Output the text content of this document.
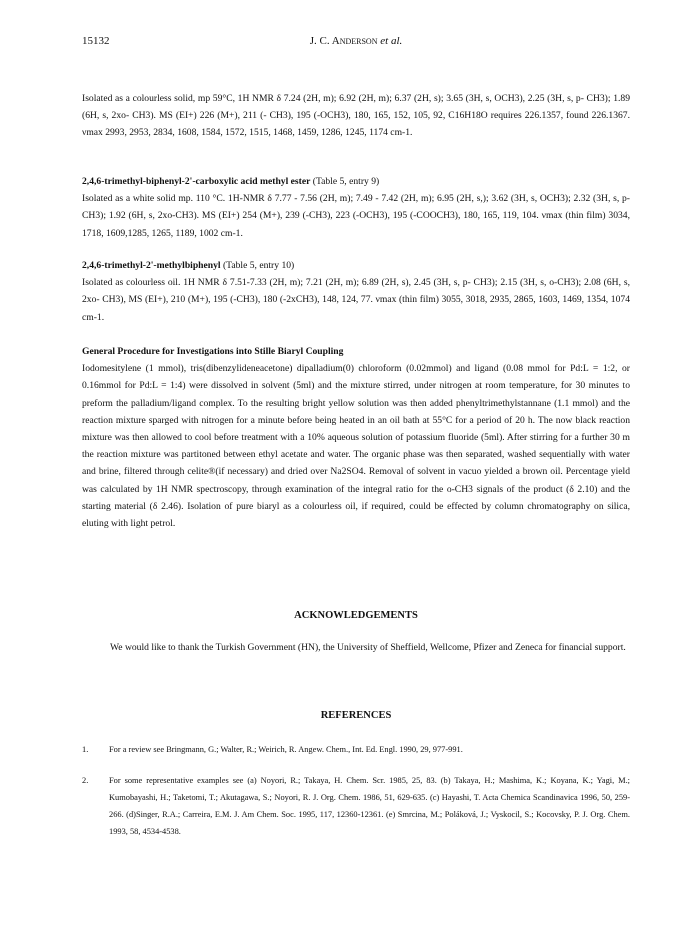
15132	J. C. Anderson et al.

Isolated as a colourless solid, mp 59°C, 1H NMR δ 7.24 (2H, m); 6.92 (2H, m); 6.37 (2H, s); 3.65 (3H, s, OCH3), 2.25 (3H, s, p- CH3); 1.89 (6H, s, 2xo- CH3). MS (EI+) 226 (M+), 211 (- CH3), 195 (-OCH3), 180, 165, 152, 105, 92, C16H18O requires 226.1357, found 226.1367. νmax 2993, 2953, 2834, 1608, 1584, 1572, 1515, 1468, 1459, 1286, 1245, 1174 cm-1.

2,4,6-trimethyl-biphenyl-2'-carboxylic acid methyl ester (Table 5, entry 9)
Isolated as a white solid mp. 110 °C. 1H-NMR δ 7.77 - 7.56 (2H, m); 7.49 - 7.42 (2H, m); 6.95 (2H, s,); 3.62 (3H, s, OCH3); 2.32 (3H, s, p- CH3); 1.92 (6H, s, 2xo-CH3). MS (EI+) 254 (M+), 239 (-CH3), 223 (-OCH3), 195 (-COOCH3), 180, 165, 119, 104. νmax (thin film) 3034, 1718, 1609,1285, 1265, 1189, 1002 cm-1.

2,4,6-trimethyl-2'-methylbiphenyl (Table 5, entry 10)
Isolated as colourless oil. 1H NMR δ 7.51-7.33 (2H, m); 7.21 (2H, m); 6.89 (2H, s), 2.45 (3H, s, p- CH3); 2.15 (3H, s, o-CH3); 2.08 (6H, s, 2xo- CH3), MS (EI+), 210 (M+), 195 (-CH3), 180 (-2xCH3), 148, 124, 77. νmax (thin film) 3055, 3018, 2935, 2865, 1603, 1469, 1354, 1074 cm-1.

General Procedure for Investigations into Stille Biaryl Coupling
Iodomesitylene (1 mmol), tris(dibenzylideneacetone) dipalladium(0) chloroform (0.02mmol) and ligand (0.08 mmol for Pd:L = 1:2, or 0.16mmol for Pd:L = 1:4) were dissolved in solvent (5ml) and the mixture stirred, under nitrogen at room temperature, for 30 minutes to preform the palladium/ligand complex. To the resulting bright yellow solution was then added phenyltrimethylstannane (1.1 mmol) and the reaction mixture sparged with nitrogen for a minute before being heated in an oil bath at 55°C for a period of 20 h. The now black reaction mixture was then allowed to cool before treatment with a 10% aqueous solution of potassium fluoride (5ml). After stirring for a further 30 m the reaction mixture was partitoned between ethyl acetate and water. The organic phase was then separated, washed sequentially with water and brine, filtered through celite®(if necessary) and dried over Na2SO4. Removal of solvent in vacuo yielded a brown oil. Percentage yield was calculated by 1H NMR spectroscopy, through examination of the integral ratio for the o-CH3 signals of the product (δ 2.10) and the starting material (δ 2.46). Isolation of pure biaryl as a colourless oil, if required, could be effected by column chromatography on silica, eluting with light petrol.

ACKNOWLEDGEMENTS

We would like to thank the Turkish Government (HN), the University of Sheffield, Wellcome, Pfizer and Zeneca for financial support.

REFERENCES
1. For a review see Bringmann, G.; Walter, R.; Weirich, R. Angew. Chem., Int. Ed. Engl. 1990, 29, 977-991.
2. For some representative examples see (a) Noyori, R.; Takaya, H. Chem. Scr. 1985, 25, 83. (b) Takaya, H.; Mashima, K.; Koyana, K.; Yagi, M.; Kumobayashi, H.; Taketomi, T.; Akutagawa, S.; Noyori, R. J. Org. Chem. 1986, 51, 629-635. (c) Hayashi, T. Acta Chemica Scandinavica 1996, 50, 259-266. (d)Singer, R.A.; Carreira, E.M. J. Am Chem. Soc. 1995, 117, 12360-12361. (e) Smrcina, M.; Poláková, J.; Vyskocil, S.; Kocovsky, P. J. Org. Chem. 1993, 58, 4534-4538.
